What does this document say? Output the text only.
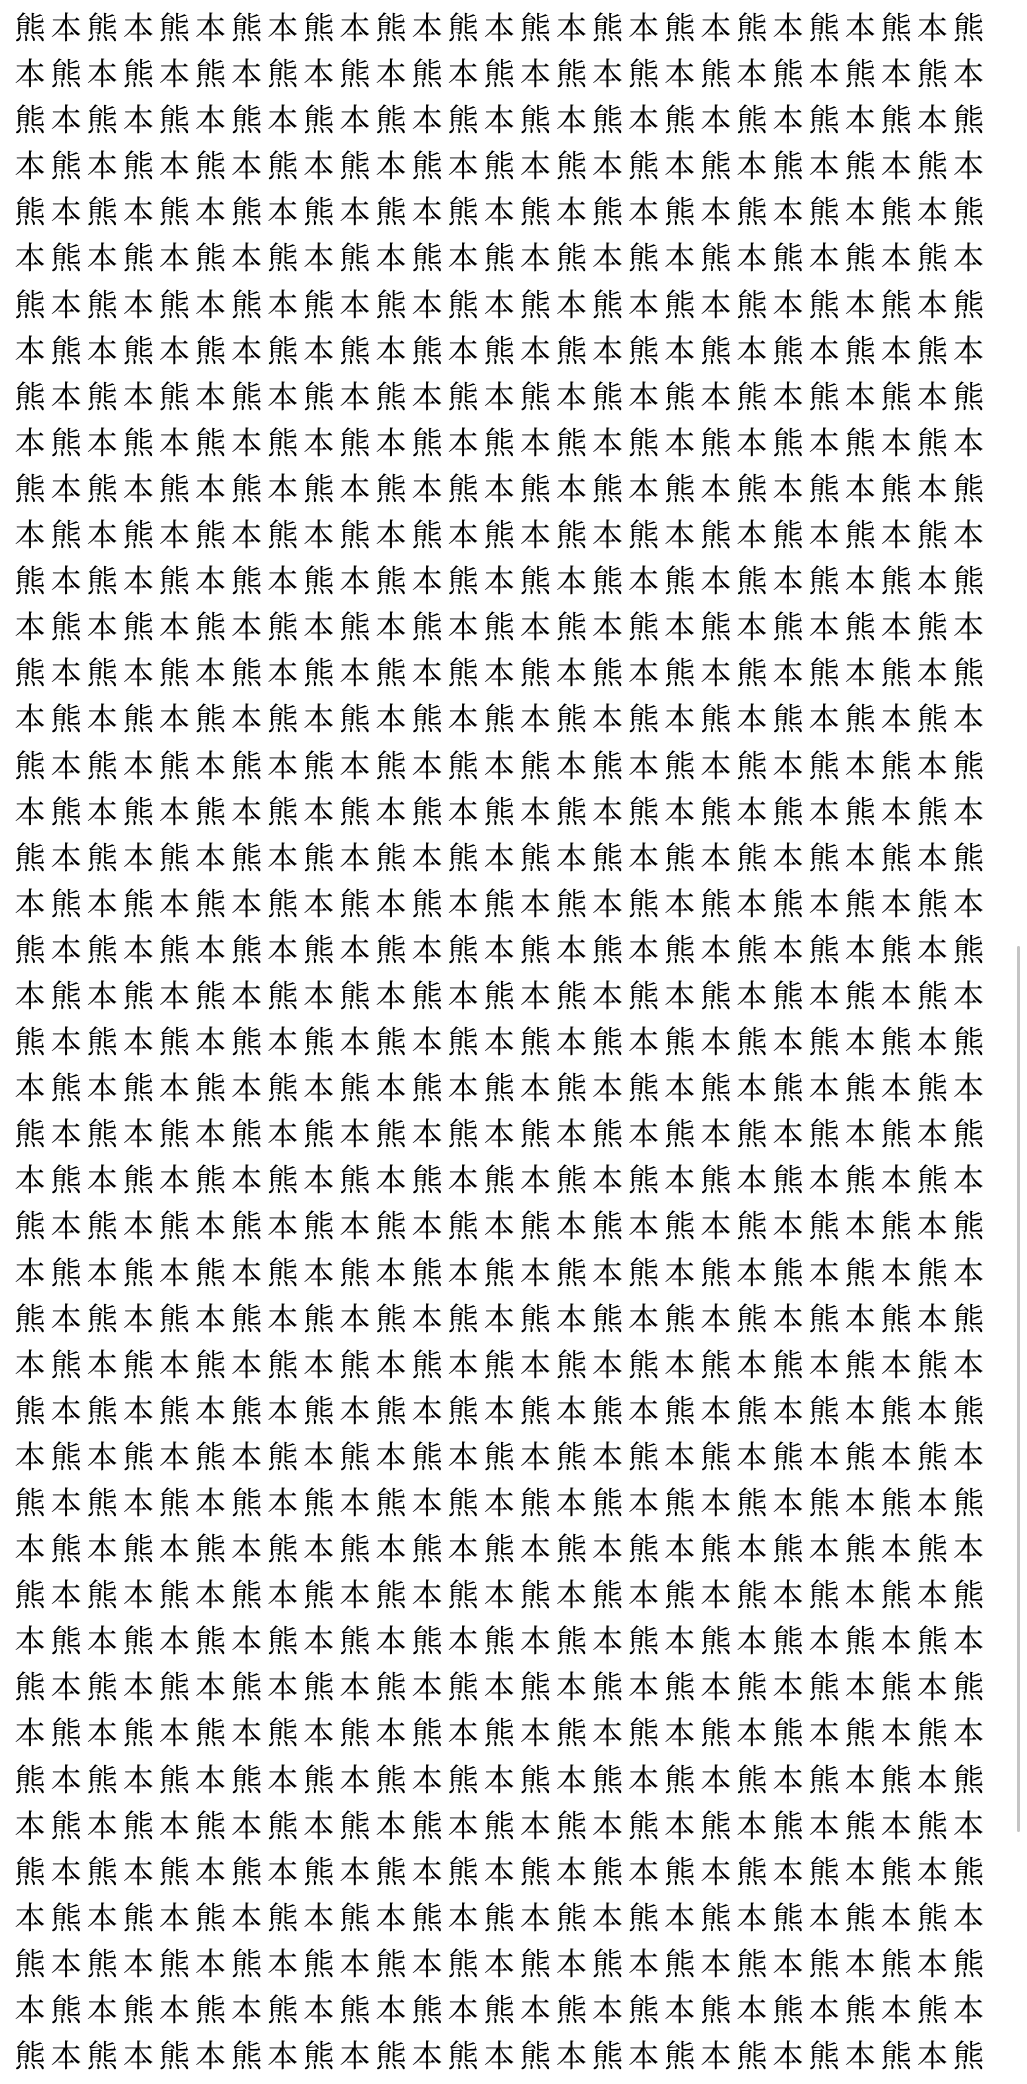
熊 本 熊 本 熊 本 熊 本 熊 本 熊 本 熊 本 熊 本 熊 本 熊 本 熊 本 熊 本 熊 本 熊
本 熊 本 熊 本 熊 本 熊 本 熊 本 熊 本 熊 本 熊 本 熊 本 熊 本 熊 本 熊 本 熊 本
熊 本 熊 本 熊 本 熊 本 熊 本 熊 本 熊 本 熊 本 熊 本 熊 本 熊 本 熊 本 熊 本 熊
本 熊 本 熊 本 熊 本 熊 本 熊 本 熊 本 熊 本 熊 本 熊 本 熊 本 熊 本 熊 本 熊 本
熊 本 熊 本 熊 本 熊 本 熊 本 熊 本 熊 本 熊 本 熊 本 熊 本 熊 本 熊 本 熊 本 熊
本 熊 本 熊 本 熊 本 熊 本 熊 本 熊 本 熊 本 熊 本 熊 本 熊 本 熊 本 熊 本 熊 本
熊 本 熊 本 熊 本 熊 本 熊 本 熊 本 熊 本 熊 本 熊 本 熊 本 熊 本 熊 本 熊 本 熊
本 熊 本 熊 本 熊 本 熊 本 熊 本 熊 本 熊 本 熊 本 熊 本 熊 本 熊 本 熊 本 熊 本
熊 本 熊 本 熊 本 熊 本 熊 本 熊 本 熊 本 熊 本 熊 本 熊 本 熊 本 熊 本 熊 本 熊
本 熊 本 熊 本 熊 本 熊 本 熊 本 熊 本 熊 本 熊 本 熊 本 熊 本 熊 本 熊 本 熊 本
熊 本 熊 本 熊 本 熊 本 熊 本 熊 本 熊 本 熊 本 熊 本 熊 本 熊 本 熊 本 熊 本 熊
本 熊 本 熊 本 熊 本 熊 本 熊 本 熊 本 熊 本 熊 本 熊 本 熊 本 熊 本 熊 本 熊 本
熊 本 熊 本 熊 本 熊 本 熊 本 熊 本 熊 本 熊 本 熊 本 熊 本 熊 本 熊 本 熊 本 熊
本 熊 本 熊 本 熊 本 熊 本 熊 本 熊 本 熊 本 熊 本 熊 本 熊 本 熊 本 熊 本 熊 本
熊 本 熊 本 熊 本 熊 本 熊 本 熊 本 熊 本 熊 本 熊 本 熊 本 熊 本 熊 本 熊 本 熊
本 熊 本 熊 本 熊 本 熊 本 熊 本 熊 本 熊 本 熊 本 熊 本 熊 本 熊 本 熊 本 熊 本
熊 本 熊 本 熊 本 熊 本 熊 本 熊 本 熊 本 熊 本 熊 本 熊 本 熊 本 熊 本 熊 本 熊
本 熊 本 熊 本 熊 本 熊 本 熊 本 熊 本 熊 本 熊 本 熊 本 熊 本 熊 本 熊 本 熊 本
熊 本 熊 本 熊 本 熊 本 熊 本 熊 本 熊 本 熊 本 熊 本 熊 本 熊 本 熊 本 熊 本 熊
本 熊 本 熊 本 熊 本 熊 本 熊 本 熊 本 熊 本 熊 本 熊 本 熊 本 熊 本 熊 本 熊 本
熊 本 熊 本 熊 本 熊 本 熊 本 熊 本 熊 本 熊 本 熊 本 熊 本 熊 本 熊 本 熊 本 熊
本 熊 本 熊 本 熊 本 熊 本 熊 本 熊 本 熊 本 熊 本 熊 本 熊 本 熊 本 熊 本 熊 本
熊 本 熊 本 熊 本 熊 本 熊 本 熊 本 熊 本 熊 本 熊 本 熊 本 熊 本 熊 本 熊 本 熊
本 熊 本 熊 本 熊 本 熊 本 熊 本 熊 本 熊 本 熊 本 熊 本 熊 本 熊 本 熊 本 熊 本
熊 本 熊 本 熊 本 熊 本 熊 本 熊 本 熊 本 熊 本 熊 本 熊 本 熊 本 熊 本 熊 本 熊
本 熊 本 熊 本 熊 本 熊 本 熊 本 熊 本 熊 本 熊 本 熊 本 熊 本 熊 本 熊 本 熊 本
熊 本 熊 本 熊 本 熊 本 熊 本 熊 本 熊 本 熊 本 熊 本 熊 本 熊 本 熊 本 熊 本 熊
本 熊 本 熊 本 熊 本 熊 本 熊 本 熊 本 熊 本 熊 本 熊 本 熊 本 熊 本 熊 本 熊 本
熊 本 熊 本 熊 本 熊 本 熊 本 熊 本 熊 本 熊 本 熊 本 熊 本 熊 本 熊 本 熊 本 熊
本 熊 本 熊 本 熊 本 熊 本 熊 本 熊 本 熊 本 熊 本 熊 本 熊 本 熊 本 熊 本 熊 本
熊 本 熊 本 熊 本 熊 本 熊 本 熊 本 熊 本 熊 本 熊 本 熊 本 熊 本 熊 本 熊 本 熊
本 熊 本 熊 本 熊 本 熊 本 熊 本 熊 本 熊 本 熊 本 熊 本 熊 本 熊 本 熊 本 熊 本
熊 本 熊 本 熊 本 熊 本 熊 本 熊 本 熊 本 熊 本 熊 本 熊 本 熊 本 熊 本 熊 本 熊
本 熊 本 熊 本 熊 本 熊 本 熊 本 熊 本 熊 本 熊 本 熊 本 熊 本 熊 本 熊 本 熊 本
熊 本 熊 本 熊 本 熊 本 熊 本 熊 本 熊 本 熊 本 熊 本 熊 本 熊 本 熊 本 熊 本 熊
本 熊 本 熊 本 熊 本 熊 本 熊 本 熊 本 熊 本 熊 本 熊 本 熊 本 熊 本 熊 本 熊 本
熊 本 熊 本 熊 本 熊 本 熊 本 熊 本 熊 本 熊 本 熊 本 熊 本 熊 本 熊 本 熊 本 熊
本 熊 本 熊 本 熊 本 熊 本 熊 本 熊 本 熊 本 熊 本 熊 本 熊 本 熊 本 熊 本 熊 本
熊 本 熊 本 熊 本 熊 本 熊 本 熊 本 熊 本 熊 本 熊 本 熊 本 熊 本 熊 本 熊 本 熊
本 熊 本 熊 本 熊 本 熊 本 熊 本 熊 本 熊 本 熊 本 熊 本 熊 本 熊 本 熊 本 熊 本
熊 本 熊 本 熊 本 熊 本 熊 本 熊 本 熊 本 熊 本 熊 本 熊 本 熊 本 熊 本 熊 本 熊
本 熊 本 熊 本 熊 本 熊 本 熊 本 熊 本 熊 本 熊 本 熊 本 熊 本 熊 本 熊 本 熊 本
熊 本 熊 本 熊 本 熊 本 熊 本 熊 本 熊 本 熊 本 熊 本 熊 本 熊 本 熊 本 熊 本 熊
本 熊 本 熊 本 熊 本 熊 本 熊 本 熊 本 熊 本 熊 本 熊 本 熊 本 熊 本 熊 本 熊 本
熊 本 熊 本 熊 本 熊 本 熊 本 熊 本 熊 本 熊 本 熊 本 熊 本 熊 本 熊 本 熊 本 熊
